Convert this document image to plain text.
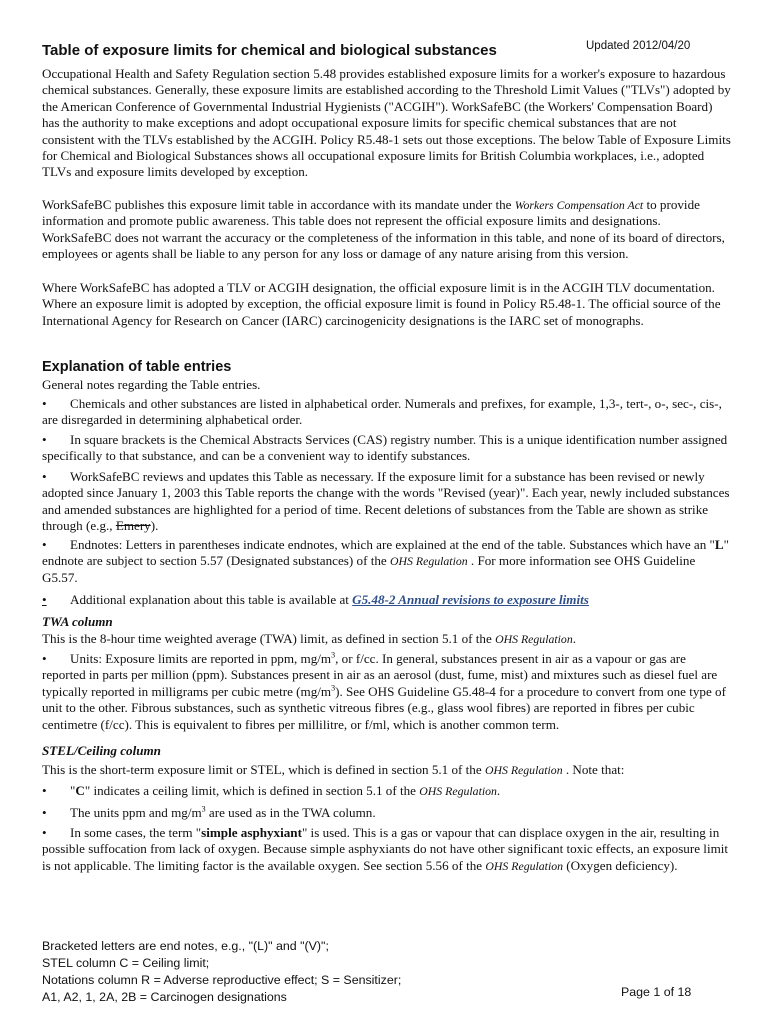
Updated 2012/04/20
Table of exposure limits for chemical and biological substances

Occupational Health and Safety Regulation section 5.48 provides established exposure limits for a worker's exposure to hazardous chemical substances. Generally, these exposure limits are established according to the Threshold Limit Values ("TLVs") adopted by the American Conference of Governmental Industrial Hygienists ("ACGIH"). WorkSafeBC (the Workers' Compensation Board) has the authority to make exceptions and adopt occupational exposure limits for specific chemical substances that are not consistent with the TLVs established by the ACGIH. Policy R5.48-1 sets out those exceptions. The below Table of Exposure Limits for Chemical and Biological Substances shows all occupational exposure limits for British Columbia workplaces, i.e., adopted TLVs and exposure limits developed by exception.

WorkSafeBC publishes this exposure limit table in accordance with its mandate under the Workers Compensation Act to provide information and promote public awareness. This table does not represent the official exposure limits and designations. WorkSafeBC does not warrant the accuracy or the completeness of the information in this table, and none of its board of directors, employees or agents shall be liable to any person for any loss or damage of any nature arising from this version.

Where WorkSafeBC has adopted a TLV or ACGIH designation, the official exposure limit is in the ACGIH TLV documentation. Where an exposure limit is adopted by exception, the official exposure limit is found in Policy R5.48-1. The official source of the International Agency for Research on Cancer (IARC) carcinogenicity designations is the IARC set of monographs.

Explanation of table entries

General notes regarding the Table entries.

• Chemicals and other substances are listed in alphabetical order. Numerals and prefixes, for example, 1,3-, tert-, o-, sec-, cis-, are disregarded in determining alphabetical order.

• In square brackets is the Chemical Abstracts Services (CAS) registry number. This is a unique identification number assigned specifically to that substance, and can be a convenient way to identify substances.

• WorkSafeBC reviews and updates this Table as necessary. If the exposure limit for a substance has been revised or newly adopted since January 1, 2003 this Table reports the change with the words "Revised (year)". Each year, newly included substances and amended substances are highlighted for a period of time. Recent deletions of substances from the Table are shown as strike through (e.g., Emery).

• Endnotes: Letters in parentheses indicate endnotes, which are explained at the end of the table. Substances which have an "L" endnote are subject to section 5.57 (Designated substances) of the OHS Regulation . For more information see OHS Guideline G5.57.

• Additional explanation about this table is available at G5.48-2 Annual revisions to exposure limits

TWA column

This is the 8-hour time weighted average (TWA) limit, as defined in section 5.1 of the OHS Regulation.

• Units: Exposure limits are reported in ppm, $mg/m^3$, or f/cc. In general, substances present in air as a vapour or gas are reported in parts per million (ppm). Substances present in air as an aerosol (dust, fume, mist) and mixtures such as diesel fuel are typically reported in milligrams per cubic metre $(mg/m^3)$. See OHS Guideline G5.48-4 for a procedure to convert from one type of unit to the other. Fibrous substances, such as synthetic vitreous fibres (e.g., glass wool fibres) are reported in fibres per cubic centimetre (f/cc). This is equivalent to fibres per millilitre, or f/ml, which is another common term.

STEL/Ceiling column

This is the short-term exposure limit or STEL, which is defined in section 5.1 of the OHS Regulation . Note that:

• "C" indicates a ceiling limit, which is defined in section 5.1 of the OHS Regulation.

• The units ppm and $mg/m^3$ are used as in the TWA column.

• In some cases, the term "simple asphyxiant" is used. This is a gas or vapour that can displace oxygen in the air, resulting in possible suffocation from lack of oxygen. Because simple asphyxiants do not have other significant toxic effects, an exposure limit is not applicable. The limiting factor is the available oxygen. See section 5.56 of the OHS Regulation (Oxygen deficiency).

Bracketed letters are end notes, e.g., "(L)" and "(V)";
STEL column C = Ceiling limit;
Notations column R = Adverse reproductive effect; S = Sensitizer;
A1, A2, 1, 2A, 2B = Carcinogen designations	Page 1 of 18
